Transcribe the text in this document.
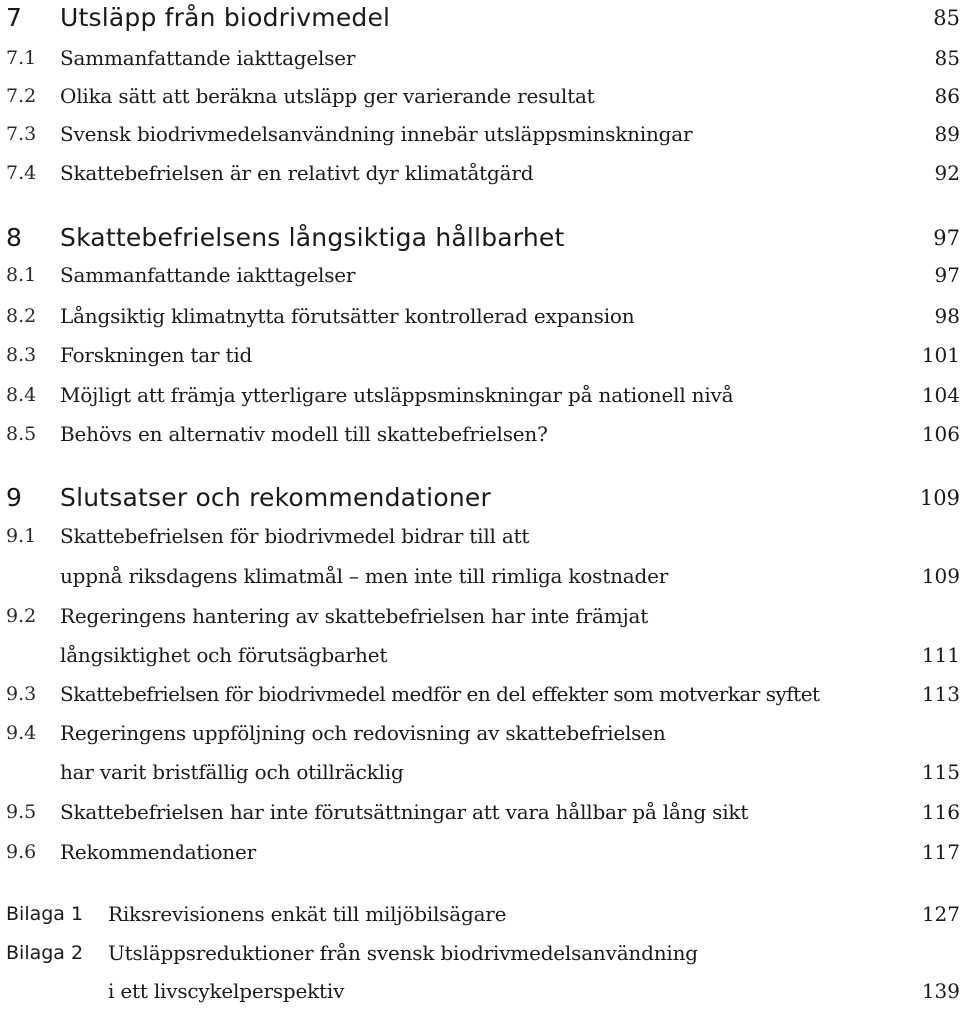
7 Utsläpp från biodrivmedel	85
7.1 Sammanfattande iakttagelser	85
7.2 Olika sätt att beräkna utsläpp ger varierande resultat	86
7.3 Svensk biodrivmedelsanvändning innebär utsläppsminskningar	89
7.4 Skattebefrielsen är en relativt dyr klimatåtgärd	92
8 Skattebefrielsens långsiktiga hållbarhet	97
8.1 Sammanfattande iakttagelser	97
8.2 Långsiktig klimatnytta förutsätter kontrollerad expansion	98
8.3 Forskningen tar tid	101
8.4 Möjligt att främja ytterligare utsläppsminskningar på nationell nivå	104
8.5 Behövs en alternativ modell till skattebefrielsen?	106
9 Slutsatser och rekommendationer	109
9.1 Skattebefrielsen för biodrivmedel bidrar till att
uppnå riksdagens klimatmål – men inte till rimliga kostnader	109
9.2 Regeringens hantering av skattebefrielsen har inte främjat
långsiktighet och förutsägbarhet	111
9.3 Skattebefrielsen för biodrivmedel medför en del effekter som motverkar syftet	113
9.4 Regeringens uppföljning och redovisning av skattebefrielsen
har varit bristfällig och otillräcklig	115
9.5 Skattebefrielsen har inte förutsättningar att vara hållbar på lång sikt	116
9.6 Rekommendationer	117
Bilaga 1 Riksrevisionens enkät till miljöbilsägare	127
Bilaga 2 Utsläppsreduktioner från svensk biodrivmedelsanvändning
i ett livscykelperspektiv	139
